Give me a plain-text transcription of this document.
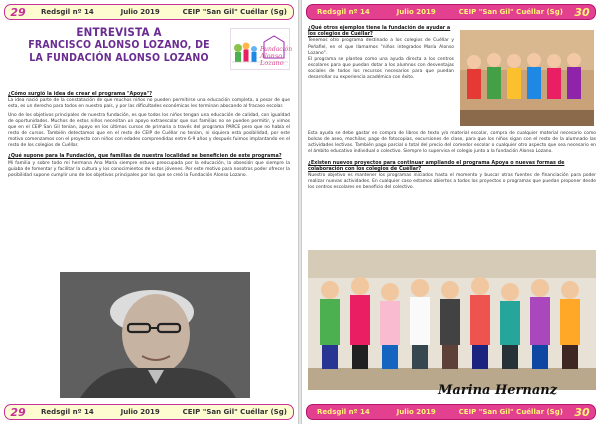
29	Redsgil nº 14	Julio 2019	CEIP "San Gil" Cuéllar (Sg)
ENTREVISTA A
FRANCISCO ALONSO LOZANO, DE
LA FUNDACIÓN ALONSO LOZANO
Fundación
Alonso Lozano

¿Cómo surgió la idea de crear el programa "Apoya"?

La idea nació parte de la constatación de que muchos niños no pueden permitirse una educación completa, a pesar de que esta, es un derecho para todos en nuestro país, y por las dificultades económicas les terminan abocando al fracaso escolar.

Uno de los objetivos principales de nuestra fundación, es que todos los niños tengan una educación de calidad, con igualdad de oportunidades. Muchos de estos niños necesitan un apoyo extraescolar que sus familias no se pueden permitir, y vimos que en el CEIP San Gil tenían, apoyo en los últimos cursos de primaria a través del programa PARCE pero que no había el resto de cursos. También detectamos que en el resto de CEIP de Cuéllar no tenían, ni siquiera esta posibilidad, por este motivo comenzamos con el proyecto con niños con edades comprendidas entre 6-9 años y después fuimos implantando en el resto de los colegios de Cuéllar.

¿Qué supone para la Fundación, que familias de nuestra localidad se beneficien de este programa?

Mi familia y sobre todo mi hermana Ana María siempre estuvo preocupada por la educación, la obsesión que siempre la guiaba de fomentar y facilitar la cultura y los conocimientos de estos jóvenes. Por este motivo para nosotros poder ofrecer la posibilidad supone cumplir uno de los objetivos principales por los que se creó la Fundación Alonso Lozano.

29	Redsgil nº 14	Julio 2019	CEIP "San Gil" Cuéllar (Sg)
Redsgil nº 14	Julio 2019	CEIP "San Gil" Cuéllar (Sg)	30

¿Qué otros ejemplos tiene la fundación de ayudar a los colegios de Cuéllar?

Tenemos otro programa destinado a los colegios de Cuéllar y Peñafiel, en el que llamamos "niños integrados María Alonso Lozano".

El programa se plantea como una ayuda directa a los centros escolares para que puedan dotar a los alumnos con desventajas sociales de todos los recursos necesarios para que puedan desarrollar su experiencia académica con éxito.

Esta ayuda se debe gastar en compra de libros de texto y/o material escolar, compra de cualquier material necesario como bolsas de aseo, mochilas; pago de fotocopias, excursiones de clase, para que los niños sigan con el resto de la alumnado las actividades lectivas. También pago parcial o total del precio del comedor escolar o cualquier otro aspecto que sea necesario en el ámbito educativo individual o colectivo. Siempre lo supervisa el colegio junto a la fundación Alonso Lozano.

¿Existen nuevos proyectos para continuar ampliando el programa Apoya o nuevas formas de colaboración con los colegios de Cuéllar?

Nuestro objetivo es mantener los programas iniciados hasta el momento y buscar otras fuentes de financiación para poder realizar nuevas actividades. En cualquier caso estamos abiertos a todos los proyectos o programas que puedan proponer desde los centros escolares en beneficio del colectivo.

Marina Hernanz
Redsgil nº 14	Julio 2019	CEIP "San Gil" Cuéllar (Sg)	30
